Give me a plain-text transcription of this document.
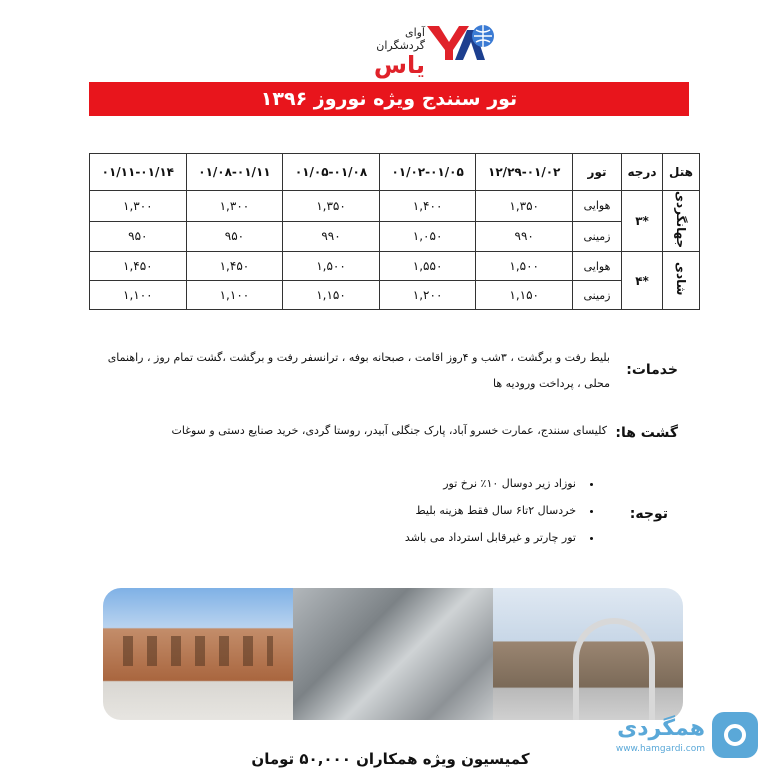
آوای
گردشگران
یاس
تور سنندج ویژه نوروز ۱۳۹۶
هتل	درجه	تور	۱۲/۲۹-۰۱/۰۲	۰۱/۰۲-۰۱/۰۵	۰۱/۰۵-۰۱/۰۸	۰۱/۰۸-۰۱/۱۱	۰۱/۱۱-۰۱/۱۴
جهانگردی	*۳	هوایی	۱,۳۵۰	۱,۴۰۰	۱,۳۵۰	۱,۳۰۰	۱,۳۰۰
		زمینی	۹۹۰	۱,۰۵۰	۹۹۰	۹۵۰	۹۵۰
شادی	*۴	هوایی	۱,۵۰۰	۱,۵۵۰	۱,۵۰۰	۱,۴۵۰	۱,۴۵۰
		زمینی	۱,۱۵۰	۱,۲۰۰	۱,۱۵۰	۱,۱۰۰	۱,۱۰۰
خدمات:
بلیط رفت و برگشت ، ۳شب و ۴روز اقامت ، صبحانه بوفه ، ترانسفر رفت و برگشت ،گشت تمام روز ، راهنمای محلی ، پرداخت ورودیه ها
گشت ها:
کلیسای سنندج، عمارت خسرو آباد، پارک جنگلی آبیدر، روستا گردی، خرید صنایع دستی و سوغات
توجه:
• نوزاد زیر دوسال ۱۰٪ نرخ تور
• خردسال ۲تا۶ سال فقط هزینه بلیط
• تور چارتر و غیرقابل استرداد می باشد
همگردی
www.hamgardi.com
کمیسیون ویژه همکاران ۵۰,۰۰۰ تومان
